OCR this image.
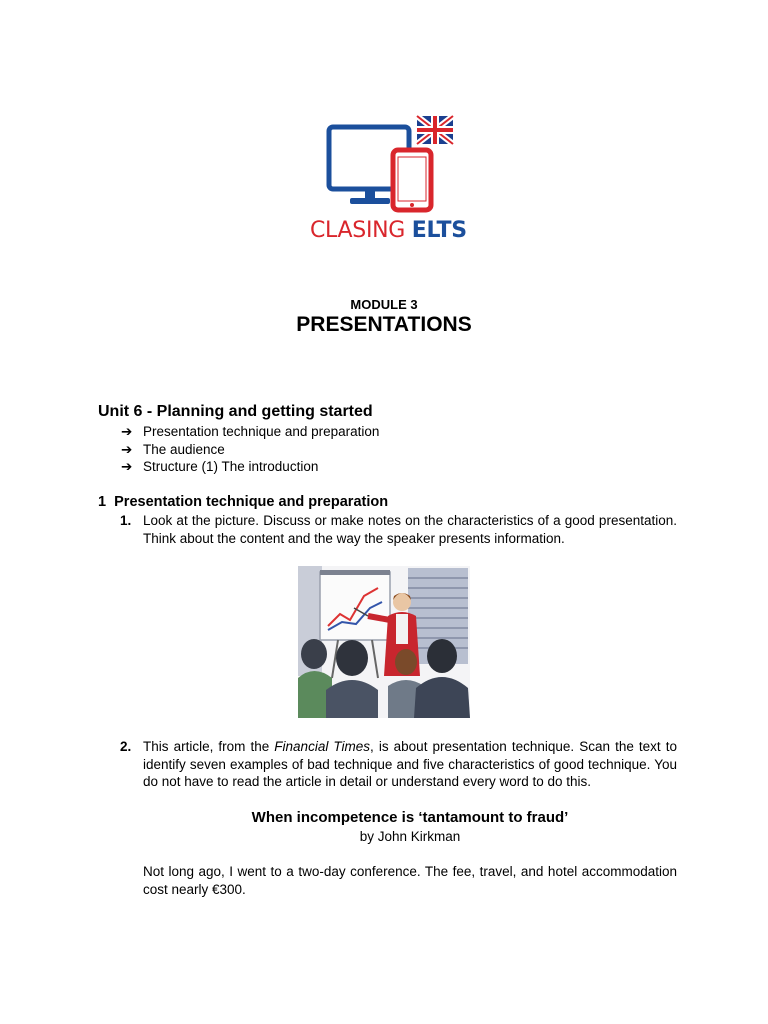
CLASING ELTS
MODULE 3
PRESENTATIONS
Unit 6 - Planning and getting started
➔ Presentation technique and preparation
➔ The audience
➔ Structure (1) The introduction
1 Presentation technique and preparation
1. Look at the picture. Discuss or make notes on the characteristics of a good presentation. Think about the content and the way the speaker presents information.
2. This article, from the Financial Times, is about presentation technique. Scan the text to identify seven examples of bad technique and five characteristics of good technique. You do not have to read the article in detail or understand every word to do this.
When incompetence is ‘tantamount to fraud’
by John Kirkman
Not long ago, I went to a two-day conference. The fee, travel, and hotel accommodation cost nearly €300.
